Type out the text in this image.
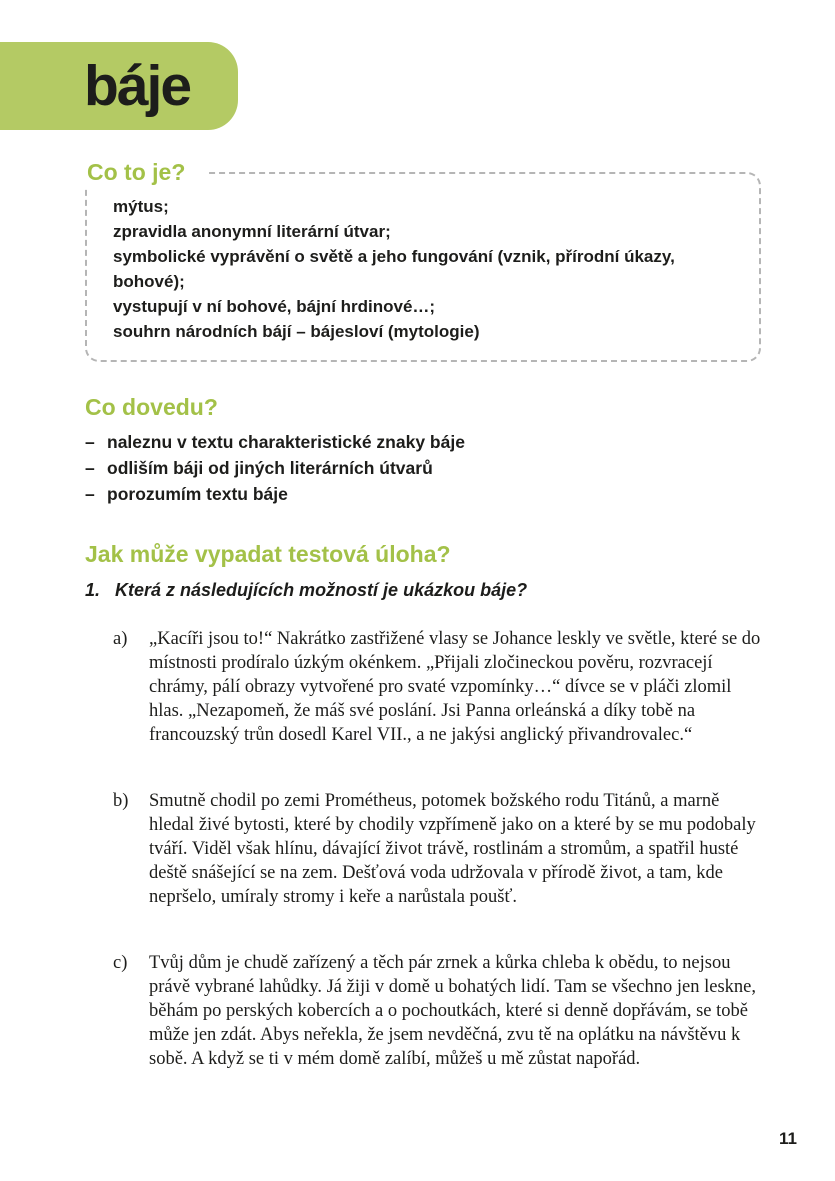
báje
Co to je?
mýtus;
zpravidla anonymní literární útvar;
symbolické vyprávění o světě a jeho fungování (vznik, přírodní úkazy, bohové);
vystupují v ní bohové, bájní hrdinové…;
souhrn národních bájí – bájesloví (mytologie)
Co dovedu?
– naleznu v textu charakteristické znaky báje
– odliším báji od jiných literárních útvarů
– porozumím textu báje
Jak může vypadat testová úloha?
1. Která z následujících možností je ukázkou báje?
a)	„Kacíři jsou to!“ Nakrátko zastřižené vlasy se Johance leskly ve světle, které se do místnosti prodíralo úzkým okénkem. „Přijali zločineckou pověru, rozvracejí chrámy, pálí obrazy vytvořené pro svaté vzpomínky…“ dívce se v pláči zlomil hlas. „Nezapomeň, že máš své poslání. Jsi Panna orleánská a díky tobě na francouzský trůn dosedl Karel VII., a ne jakýsi anglický přivandrovalec.“
b)	Smutně chodil po zemi Prométheus, potomek božského rodu Titánů, a marně hledal živé bytosti, které by chodily vzpřímeně jako on a které by se mu podobaly tváří. Viděl však hlínu, dávající život trávě, rostlinám a stromům, a spatřil husté deště snášející se na zem. Dešťová voda udržovala v přírodě život, a tam, kde nepršelo, umíraly stromy i keře a narůstala poušť.
c)	Tvůj dům je chudě zařízený a těch pár zrnek a kůrka chleba k obědu, to nejsou právě vybrané lahůdky. Já žiji v domě u bohatých lidí. Tam se všechno jen leskne, běhám po perských kobercích a o pochoutkách, které si denně dopřávám, se tobě může jen zdát. Abys neřekla, že jsem nevděčná, zvu tě na oplátku na návštěvu k sobě. A když se ti v mém domě zalíbí, můžeš u mě zůstat napořád.
11
